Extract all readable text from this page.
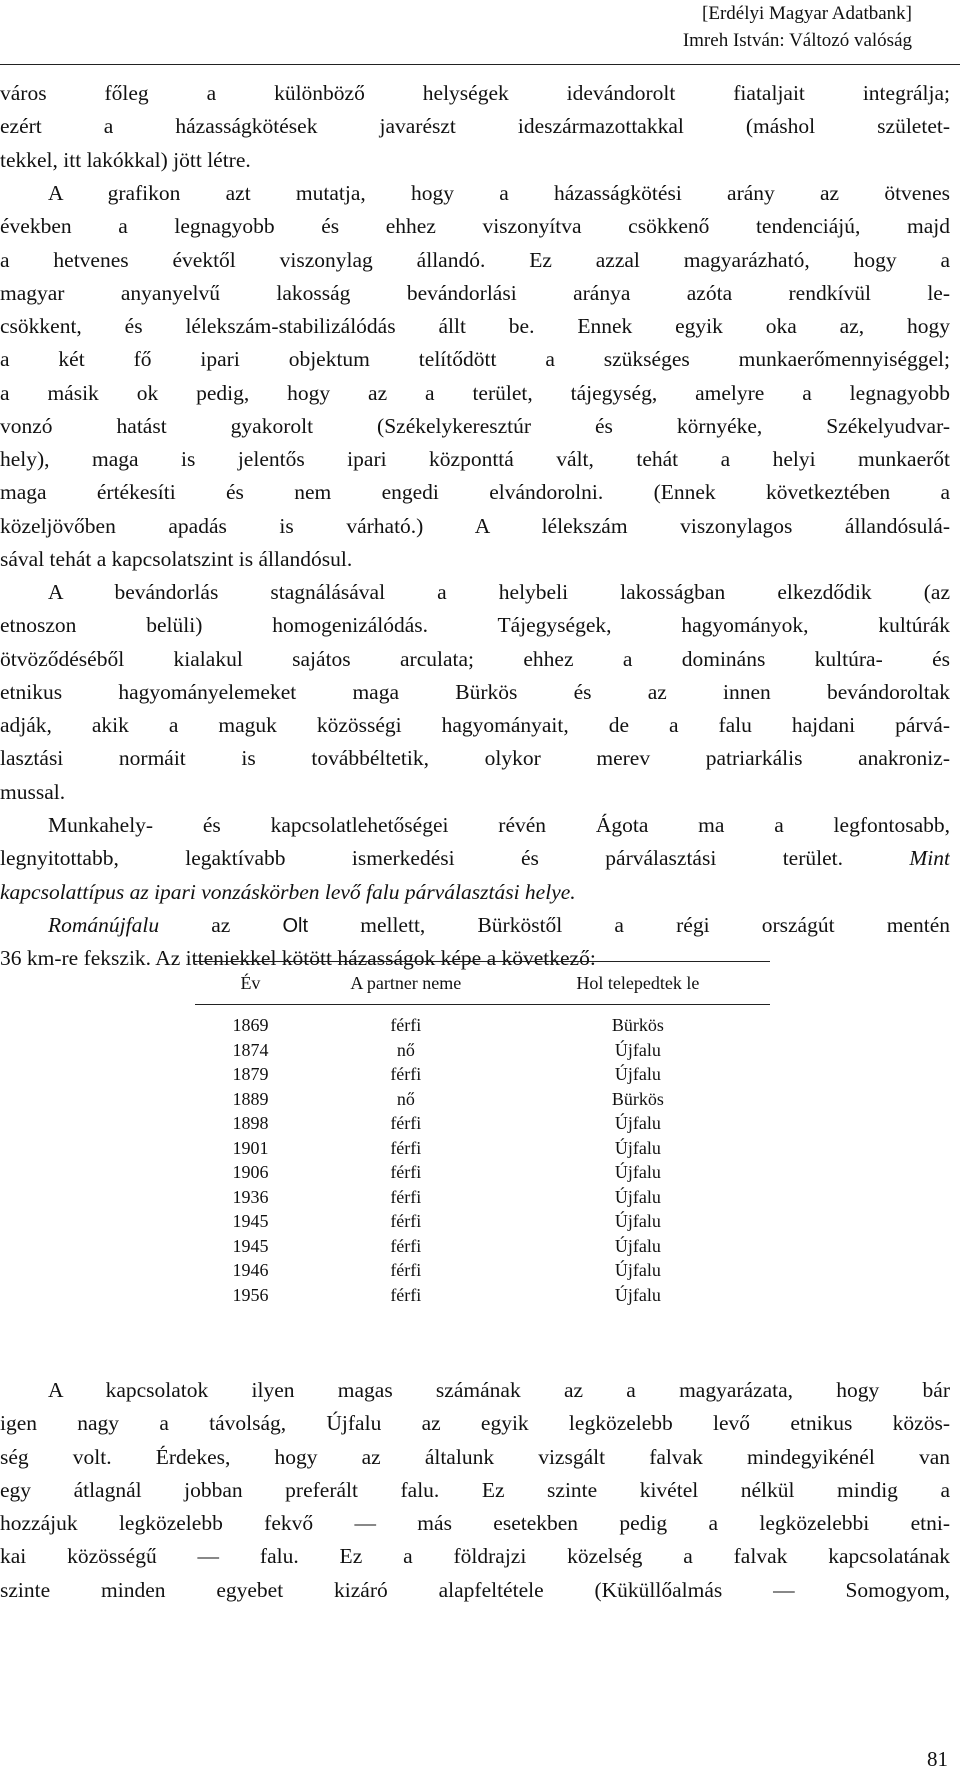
[Erdélyi Magyar Adatbank]
Imreh István: Változó valóság
város főleg a különböző helységek idevándorolt fiataljait integrálja;
ezért a házasságkötések javarészt ideszármazottakkal (máshol születet-
tekkel, itt lakókkal) jött létre.
A grafikon azt mutatja, hogy a házasságkötési arány az ötvenes
években a legnagyobb és ehhez viszonyítva csökkenő tendenciájú, majd
a hetvenes évektől viszonylag állandó. Ez azzal magyarázható, hogy a
magyar anyanyelvű lakosság bevándorlási aránya azóta rendkívül le-
csökkent, és lélekszám-stabilizálódás állt be. Ennek egyik oka az, hogy
a két fő ipari objektum telítődött a szükséges munkaerőmennyiséggel;
a másik ok pedig, hogy az a terület, tájegység, amelyre a legnagyobb
vonzó hatást gyakorolt (Székelykeresztúr és környéke, Székelyudvar-
hely), maga is jelentős ipari központtá vált, tehát a helyi munkaerőt
maga értékesíti és nem engedi elvándorolni. (Ennek következtében a
közeljövőben apadás is várható.) A lélekszám viszonylagos állandósulá-
sával tehát a kapcsolatszint is állandósul.
A bevándorlás stagnálásával a helybeli lakosságban elkezdődik (az
etnoszon belüli) homogenizálódás. Tájegységek, hagyományok, kultúrák
ötvöződéséből kialakul sajátos arculata; ehhez a domináns kultúra- és
etnikus hagyományelemeket maga Bürkös és az innen bevándoroltak
adják, akik a maguk közösségi hagyományait, de a falu hajdani párvá-
lasztási normáit is továbbéltetik, olykor merev patriarkális anakroniz-
mussal.
Munkahely- és kapcsolatlehetőségei révén Ágota ma a legfontosabb,
legnyitottabb, legaktívabb ismerkedési és párválasztási terület.	Mint
kapcsolattípus az ipari vonzáskörben levő falu párválasztási helye.
Románújfalu az Olt mellett, Bürköstől a régi országút mentén
36 km-re fekszik. Az itteniekkel kötött házasságok képe a következő:
Év	A partner neme	Hol telepedtek le
1869	férfi	Bürkös
1874	nő	Újfalu
1879	férfi	Újfalu
1889	nő	Bürkös
1898	férfi	Újfalu
1901	férfi	Újfalu
1906	férfi	Újfalu
1936	férfi	Újfalu
1945	férfi	Újfalu
1945	férfi	Újfalu
1946	férfi	Újfalu
1956	férfi	Újfalu
A kapcsolatok ilyen magas számának az a magyarázata, hogy bár
igen nagy a távolság, Újfalu az egyik legközelebb levő etnikus közös-
ség volt. Érdekes, hogy az általunk vizsgált falvak mindegyikénél van
egy átlagnál jobban preferált falu. Ez szinte kivétel nélkül mindig a
hozzájuk legközelebb fekvő — más esetekben pedig a legközelebbi etni-
kai közösségű — falu. Ez a földrajzi közelség a falvak kapcsolatának
szinte minden egyebet kizáró alapfeltétele (Küküllőalmás — Somogyom,
81
